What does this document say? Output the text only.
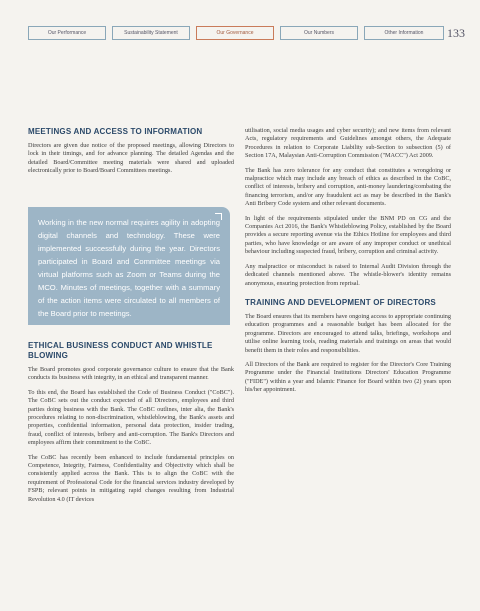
Our Performance	Sustainability Statement	Our Governance	Our Numbers	Other Information	133
MEETINGS AND ACCESS TO INFORMATION

Directors are given due notice of the proposed meetings, allowing Directors to lock in their timings, and for advance planning. The detailed Agendas and the detailed Board/Committee meeting materials were shared and uploaded electronically prior to Board/Board Committees meetings.

Working in the new normal requires agility in adopting digital channels and technology. These were implemented successfully during the year. Directors participated in Board and Committee meetings via virtual platforms such as Zoom or Teams during the MCO. Minutes of meetings, together with a summary of the action items were circulated to all members of the Board prior to meetings.

ETHICAL BUSINESS CONDUCT AND WHISTLE BLOWING

The Board promotes good corporate governance culture to ensure that the Bank conducts its business with integrity, in an ethical and transparent manner.

To this end, the Board has established the Code of Business Conduct ("CoBC"). The CoBC sets out the conduct expected of all Directors, employees and third parties doing business with the Bank. The CoBC outlines, inter alia, the Bank's procedures relating to non-discrimination, whistleblowing, the Bank's assets and properties, confidential information, personal data protection, insider trading, fraud, conflict of interests, bribery and anti-corruption. The Bank's Directors and employees affirm their commitment to the CoBC.

The CoBC has recently been enhanced to include fundamental principles on Competence, Integrity, Fairness, Confidentiality and Objectivity which shall be consistently applied across the Bank. This is to align the CoBC with the requirement of Professional Code for the financial services industry developed by FSPB; relevant points in mitigating rapid changes resulting from Industrial Revolution 4.0 (IT devices

utilisation, social media usages and cyber security); and new items from relevant Acts, regulatory requirements and Guidelines amongst others, the Adequate Procedures in relation to Corporate Liability sub-Section to subsection (5) of Section 17A, Malaysian Anti-Corruption Commission ("MACC") Act 2009.

The Bank has zero tolerance for any conduct that constitutes a wrongdoing or malpractice which may include any breach of ethics as described in the CoBC, conflict of interests, bribery and corruption, anti-money laundering/combating the financing terrorism, and/or any fraudulent act as may be described in the Bank's Anti Bribery Code system and other relevant documents.

In light of the requirements stipulated under the BNM PD on CG and the Companies Act 2016, the Bank's Whistleblowing Policy, established by the Board provides a secure reporting avenue via the Ethics Hotline for employees and third parties, who have knowledge or are aware of any improper conduct or unethical behaviour including suspected fraud, bribery, corruption and criminal activity.

Any malpractice or misconduct is raised to Internal Audit Division through the dedicated channels mentioned above. The whistle-blower's identity remains anonymous, ensuring protection from reprisal.

TRAINING AND DEVELOPMENT OF DIRECTORS

The Board ensures that its members have ongoing access to appropriate continuing education programmes and a reasonable budget has been allocated for the programme. Directors are encouraged to attend talks, briefings, workshops and utilise online learning tools, reading materials and trainings on areas that would benefit them in their roles and responsibilities.

All Directors of the Bank are required to register for the Director's Core Training Programme under the Financial Institutions Directors' Education Programme ("FIDE") within a year and Islamic Finance for Board within two (2) years upon his/her appointment.
